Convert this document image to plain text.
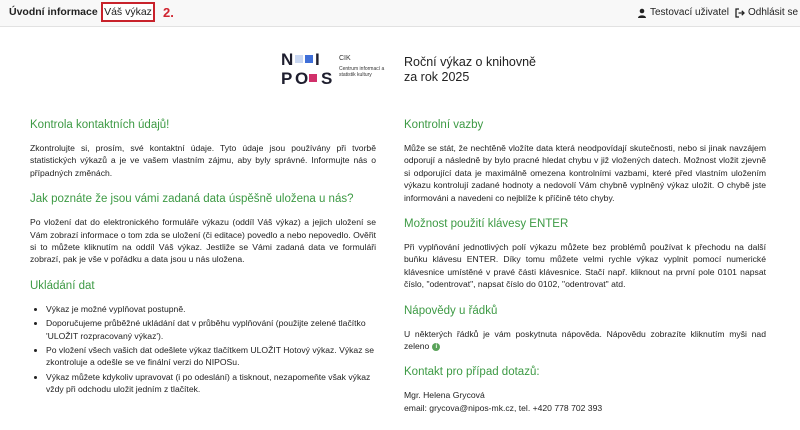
Úvodní informace Váš výkaz 2.	Testovací uživatel	Odhlásit se
N I
P O S
CIK
Centrum informací a statistik kultury
Roční výkaz o knihovně
za rok 2025
Kontrola kontaktních údajů!

Zkontrolujte si, prosím, své kontaktní údaje. Tyto údaje jsou používány při tvorbě statistických výkazů a je ve vašem vlastním zájmu, aby byly správné. Informujte nás o případných změnách.

Jak poznáte že jsou vámi zadaná data úspěšně uložena u nás?

Po vložení dat do elektronického formuláře výkazu (oddíl Váš výkaz) a jejich uložení se Vám zobrazí informace o tom zda se uložení (či editace) povedlo a nebo nepovedlo. Ověřit si to můžete kliknutím na oddíl Váš výkaz. Jestliže se Vámi zadaná data ve formuláři zobrazí, pak je vše v pořádku a data jsou u nás uložena.

Ukládání dat
• Výkaz je možné vyplňovat postupně.
• Doporučujeme průběžné ukládání dat v průběhu vyplňování (použijte zelené tlačítko 'ULOŽIT rozpracovaný výkaz').
• Po vložení všech vašich dat odešlete výkaz tlačítkem ULOŽIT Hotový výkaz. Výkaz se zkontroluje a odešle se ve finální verzi do NIPOSu.
• Výkaz můžete kdykoliv upravovat (i po odeslání) a tisknout, nezapomeňte však výkaz vždy při odchodu uložit jedním z tlačítek.
Kontrolní vazby

Může se stát, že nechtěně vložíte data která neodpovídají skutečnosti, nebo si jinak navzájem odporují a následně by bylo pracné hledat chybu v již vložených datech. Možnost vložit zjevně si odporující data je maximálně omezena kontrolními vazbami, které před vlastním uložením výkazu kontrolují zadané hodnoty a nedovolí Vám chybně vyplněný výkaz uložit. O chybě jste informováni a navedeni co nejblíže k příčině této chyby.

Možnost použití klávesy ENTER

Při vyplňování jednotlivých polí výkazu můžete bez problémů používat k přechodu na další buňku klávesu ENTER. Díky tomu můžete velmi rychle výkaz vyplnit pomocí numerické klávesnice umístěné v pravé části klávesnice. Stačí např. kliknout na první pole 0101 napsat číslo, "odentrovat", napsat číslo do 0102, "odentrovat" atd.

Nápovědy u řádků

U některých řádků je vám poskytnuta nápověda. Nápovědu zobrazíte kliknutím myši nad zeleno i

Kontakt pro případ dotazů:

Mgr. Helena Grycová

email: grycova@nipos-mk.cz, tel. +420 778 702 393
